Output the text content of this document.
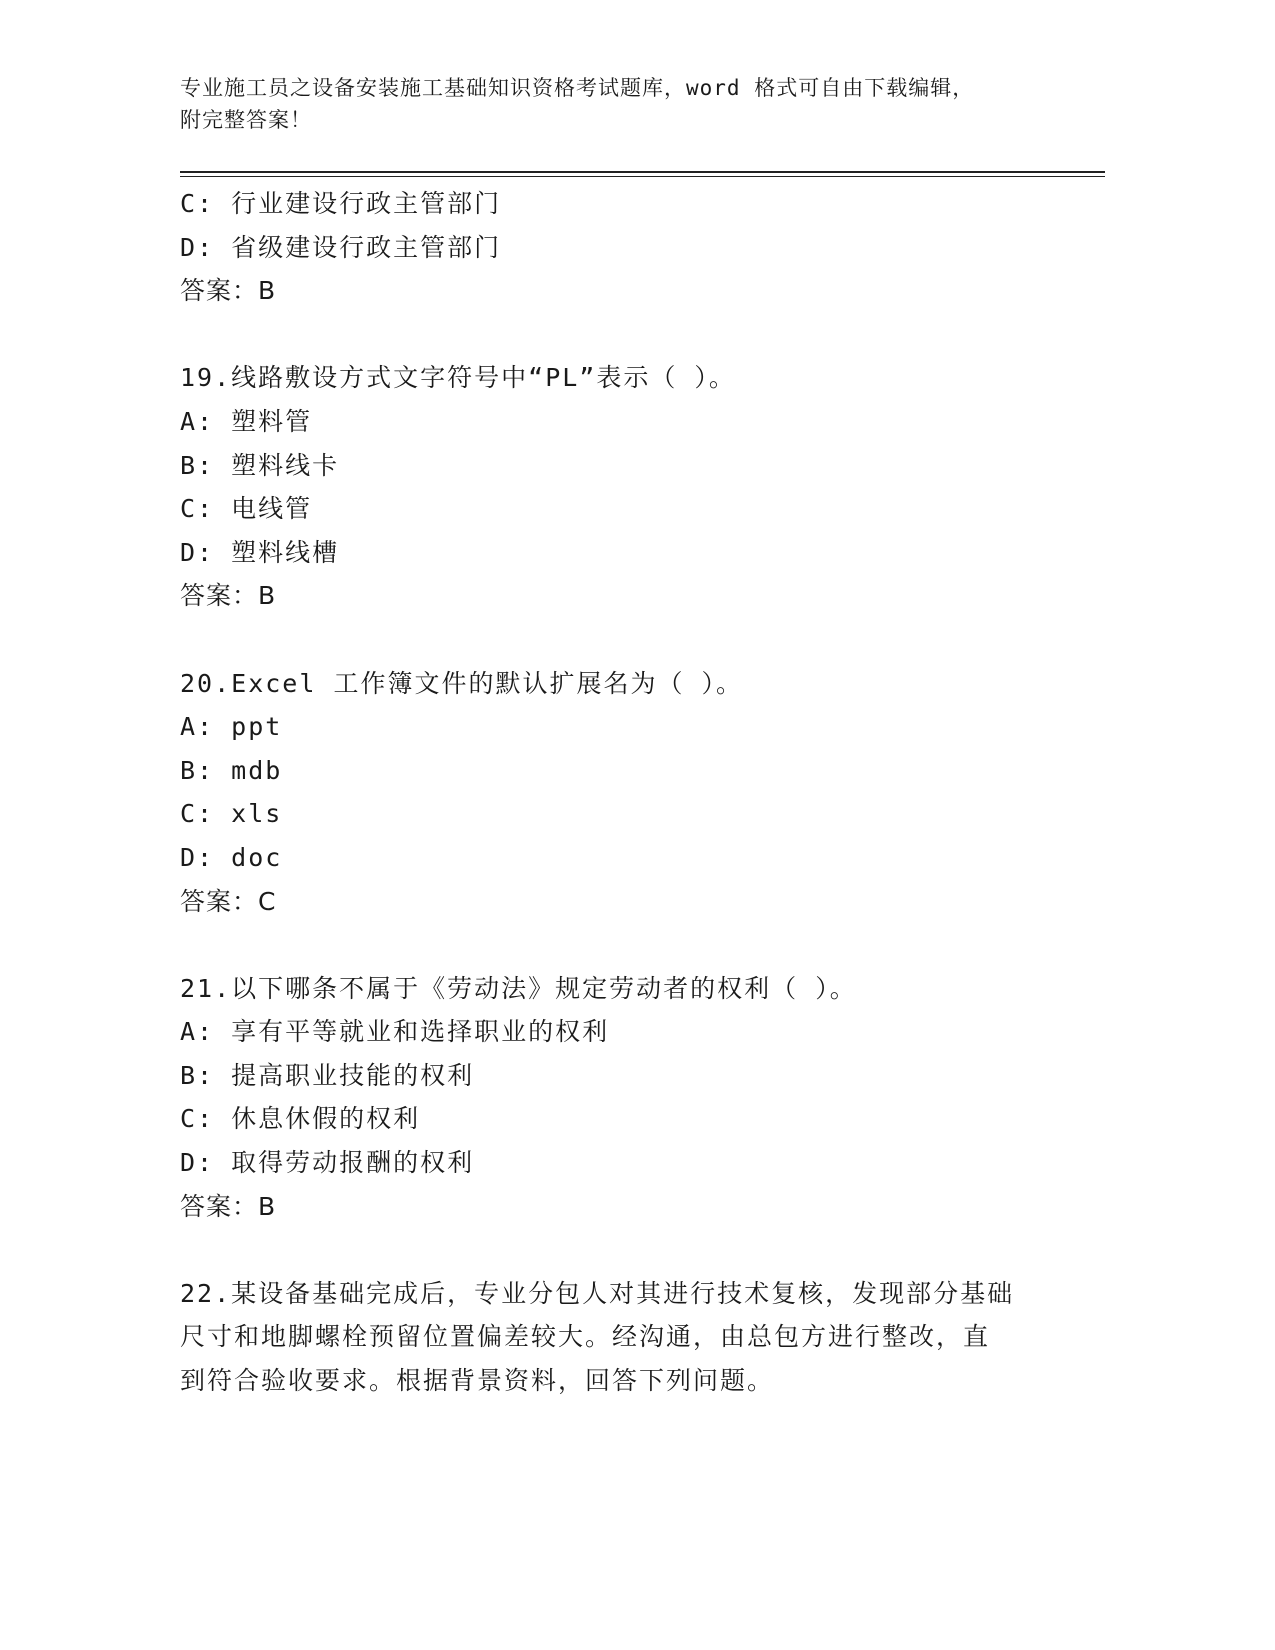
专业施工员之设备安装施工基础知识资格考试题库，word 格式可自由下载编辑，
附完整答案！
C: 行业建设行政主管部门
D: 省级建设行政主管部门
答案：B
19.线路敷设方式文字符号中“PL”表示（ ）。
A: 塑料管
B: 塑料线卡
C: 电线管
D: 塑料线槽
答案：B
20.Excel 工作簿文件的默认扩展名为（ ）。
A: ppt
B: mdb
C: xls
D: doc
答案：C
21.以下哪条不属于《劳动法》规定劳动者的权利（ ）。
A: 享有平等就业和选择职业的权利
B: 提高职业技能的权利
C: 休息休假的权利
D: 取得劳动报酬的权利
答案：B
22.某设备基础完成后，专业分包人对其进行技术复核，发现部分基础
尺寸和地脚螺栓预留位置偏差较大。经沟通，由总包方进行整改，直
到符合验收要求。根据背景资料，回答下列问题。
